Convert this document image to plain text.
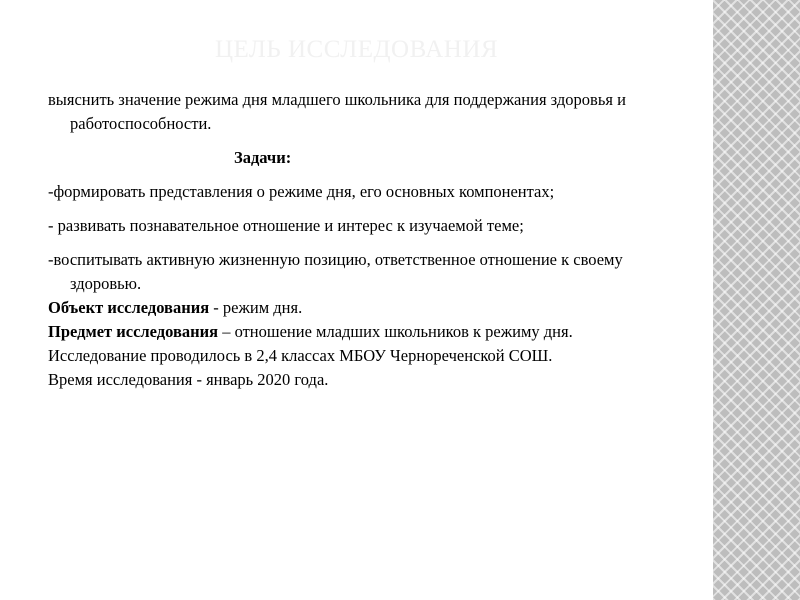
ЦЕЛЬ ИССЛЕДОВАНИЯ

выяснить значение режима дня младшего школьника для поддержания здоровья и работоспособности.

Задачи:

-формировать представления о режиме дня, его основных компонентах;

- развивать познавательное отношение и интерес к изучаемой теме;

-воспитывать активную жизненную позицию, ответственное отношение к своему здоровью.

Объект исследования - режим дня.

Предмет исследования – отношение младших школьников к режиму дня.

Исследование проводилось в 2,4 классах МБОУ Чернореченской СОШ.

Время исследования - январь 2020 года.
